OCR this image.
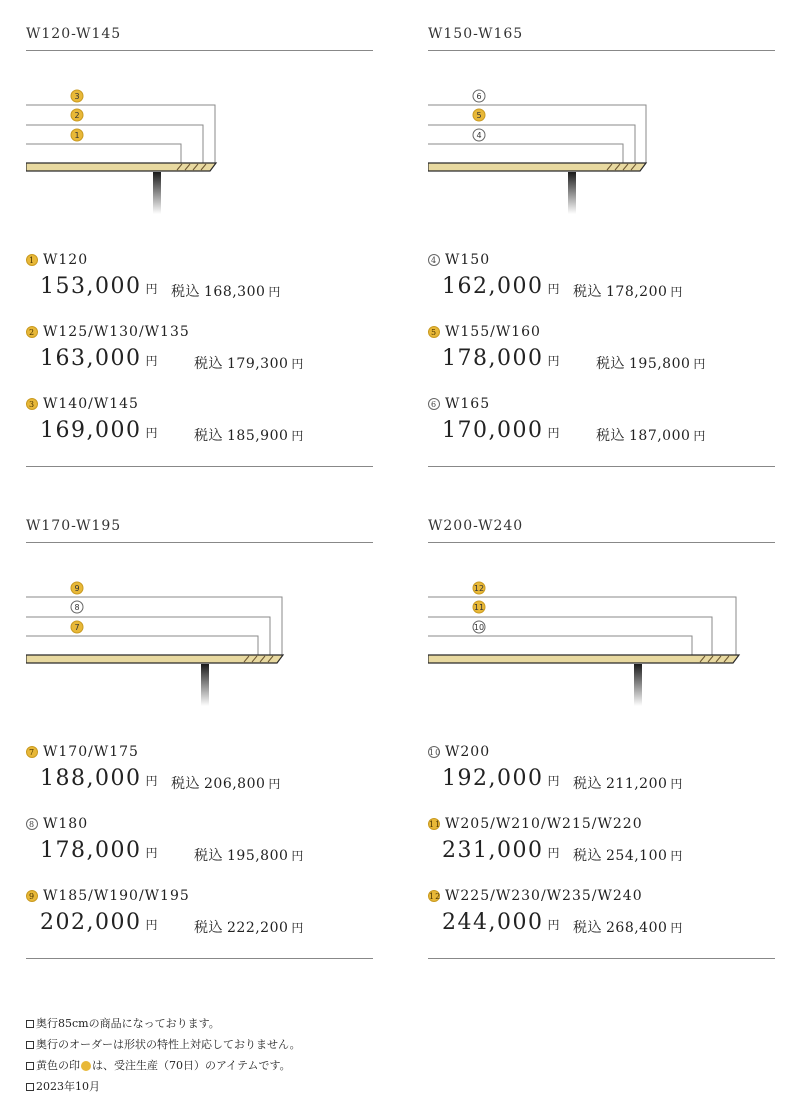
W120-W145
1
2
3
1 W120
153,000 円 税込 168,300 円
2 W125/W130/W135
163,000 円	税込 179,300 円
3 W140/W145
169,000 円	税込 185,900 円
W150-W165
4
5
6
4 W150
162,000 円 税込 178,200 円
5 W155/W160
178,000 円	税込 195,800 円
6 W165
170,000 円	税込 187,000 円
W170-W195
7
8
9
7 W170/W175
188,000 円 税込 206,800 円
8 W180
178,000 円	税込 195,800 円
9 W185/W190/W195
202,000 円	税込 222,200 円
W200-W240
10
11
12
10 W200
192,000 円 税込 211,200 円
11 W205/W210/W215/W220
231,000 円 税込 254,100 円
12 W225/W230/W235/W240
244,000 円 税込 268,400 円
奥行85cmの商品になっております。
奥行のオーダーは形状の特性上対応しておりません。
黄色の印 は、受注生産（70日）のアイテムです。
2023年10月
